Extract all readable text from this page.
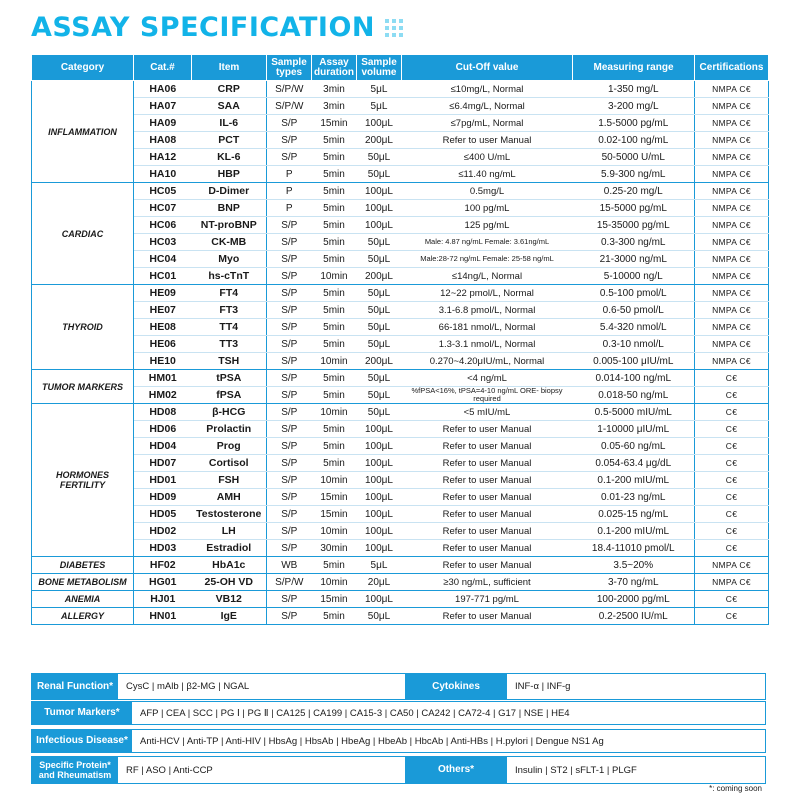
ASSAY SPECIFICATION
Category	Cat.#	Item	Sample types	Assay duration	Sample volume	Cut-Off value	Measuring range	Certifications
INFLAMMATION	HA06	CRP	S/P/W	3min	5μL	≤10mg/L, Normal	1-350 mg/L	NMPA C€
	HA07	SAA	S/P/W	3min	5μL	≤6.4mg/L, Normal	3-200 mg/L	NMPA C€
	HA09	IL-6	S/P	15min	100μL	≤7pg/mL, Normal	1.5-5000 pg/mL	NMPA C€
	HA08	PCT	S/P	5min	200μL	Refer to user Manual	0.02-100 ng/mL	NMPA C€
	HA12	KL-6	S/P	5min	50μL	≤400 U/mL	50-5000 U/mL	NMPA C€
	HA10	HBP	P	5min	50μL	≤11.40 ng/mL	5.9-300 ng/mL	NMPA C€
CARDIAC	HC05	D-Dimer	P	5min	100μL	0.5mg/L	0.25-20 mg/L	NMPA C€
	HC07	BNP	P	5min	100μL	100 pg/mL	15-5000 pg/mL	NMPA C€
	HC06	NT-proBNP	S/P	5min	100μL	125 pg/mL	15-35000 pg/mL	NMPA C€
	HC03	CK-MB	S/P	5min	50μL	Male: 4.87 ng/mL Female: 3.61ng/mL	0.3-300 ng/mL	NMPA C€
	HC04	Myo	S/P	5min	50μL	Male:28-72 ng/mL Female: 25-58 ng/mL	21-3000 ng/mL	NMPA C€
	HC01	hs-cTnT	S/P	10min	200μL	≤14ng/L, Normal	5-10000 ng/L	NMPA C€
THYROID	HE09	FT4	S/P	5min	50μL	12~22 pmol/L, Normal	0.5-100 pmol/L	NMPA C€
	HE07	FT3	S/P	5min	50μL	3.1-6.8 pmol/L, Normal	0.6-50 pmol/L	NMPA C€
	HE08	TT4	S/P	5min	50μL	66-181 nmol/L, Normal	5.4-320 nmol/L	NMPA C€
	HE06	TT3	S/P	5min	50μL	1.3-3.1 nmol/L, Normal	0.3-10 nmol/L	NMPA C€
	HE10	TSH	S/P	10min	200μL	0.270~4.20μIU/mL, Normal	0.005-100 μIU/mL	NMPA C€
TUMOR MARKERS	HM01	tPSA	S/P	5min	50μL	<4 ng/mL	0.014-100 ng/mL	C€
	HM02	fPSA	S/P	5min	50μL	%fPSA<16%, tPSA=4-10 ng/mL ORE- biopsy required	0.018-50 ng/mL	C€
HORMONES FERTILITY	HD08	β-HCG	S/P	10min	50μL	<5 mIU/mL	0.5-5000 mIU/mL	C€
	HD06	Prolactin	S/P	5min	100μL	Refer to user Manual	1-10000 μIU/mL	C€
	HD04	Prog	S/P	5min	100μL	Refer to user Manual	0.05-60 ng/mL	C€
	HD07	Cortisol	S/P	5min	100μL	Refer to user Manual	0.054-63.4 μg/dL	C€
	HD01	FSH	S/P	10min	100μL	Refer to user Manual	0.1-200 mIU/mL	C€
	HD09	AMH	S/P	15min	100μL	Refer to user Manual	0.01-23 ng/mL	C€
	HD05	Testosterone	S/P	15min	100μL	Refer to user Manual	0.025-15 ng/mL	C€
	HD02	LH	S/P	10min	100μL	Refer to user Manual	0.1-200 mIU/mL	C€
	HD03	Estradiol	S/P	30min	100μL	Refer to user Manual	18.4-11010 pmol/L	C€
DIABETES	HF02	HbA1c	WB	5min	5μL	Refer to user Manual	3.5~20%	NMPA C€
BONE METABOLISM	HG01	25-OH VD	S/P/W	10min	20μL	≥30 ng/mL, sufficient	3-70 ng/mL	NMPA C€
ANEMIA	HJ01	VB12	S/P	15min	100μL	197-771 pg/mL	100-2000 pg/mL	C€
ALLERGY	HN01	IgE	S/P	5min	50μL	Refer to user Manual	0.2-2500 IU/mL	C€
Renal Function*	CysC | mAlb | β2-MG | NGAL	Cytokines	INF-α | INF-g
Tumor Markers*	AFP | CEA | SCC | PG Ⅰ | PG Ⅱ | CA125 | CA199 | CA15-3 | CA50 | CA242 | CA72-4 | G17 | NSE | HE4
Infectious Disease*	Anti-HCV | Anti-TP | Anti-HIV | HbsAg | HbsAb | HbeAg | HbeAb | HbcAb | Anti-HBs | H.pylori | Dengue NS1 Ag
Specific Protein* and Rheumatism	RF | ASO | Anti-CCP	Others*	Insulin | ST2 | sFLT-1 | PLGF
*: coming soon
